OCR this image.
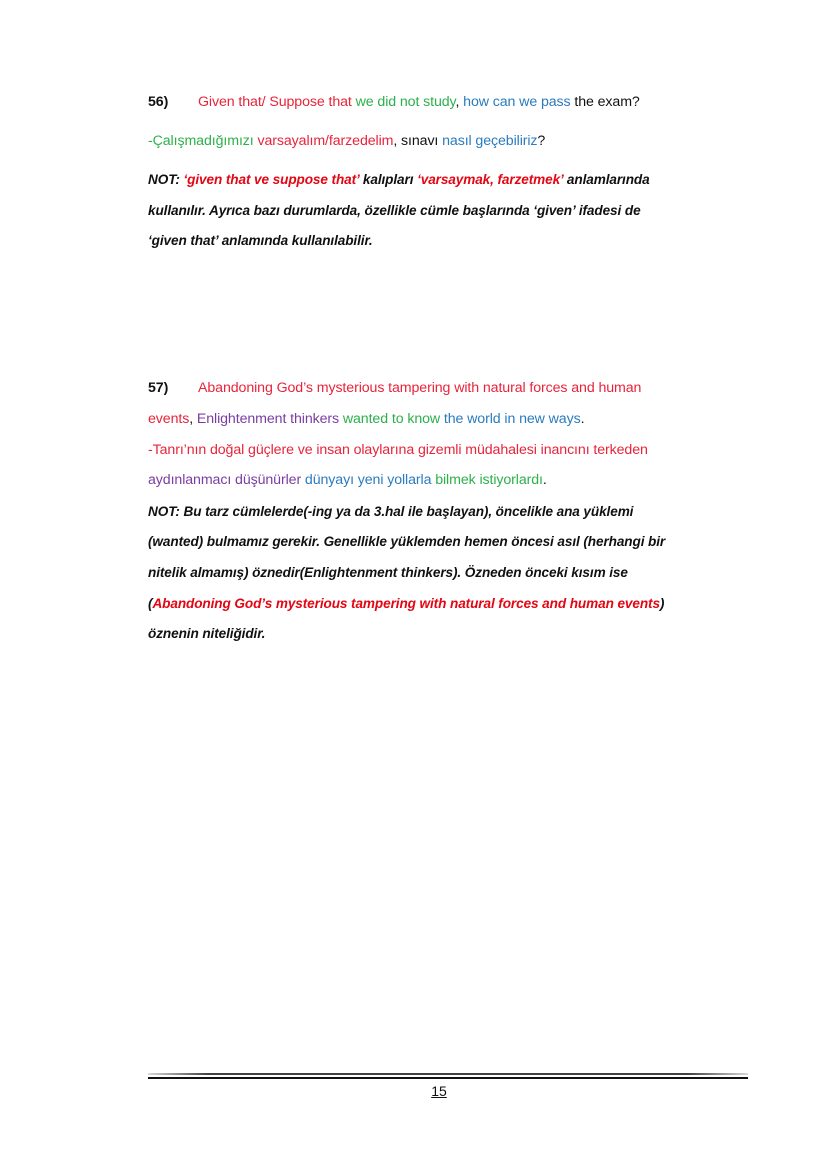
56) Given that/ Suppose that we did not study, how can we pass the exam?
-Çalışmadığımızı varsayalım/farzedelim, sınavı nasıl geçebiliriz?
NOT: ‘given that ve suppose that’ kalıpları ‘varsaymak, farzetmek’ anlamlarında
kullanılır. Ayrıca bazı durumlarda, özellikle cümle başlarında ‘given’ ifadesi de
‘given that’ anlamında kullanılabilir.
57) Abandoning God’s mysterious tampering with natural forces and human
events, Enlightenment thinkers wanted to know the world in new ways.
-Tanrı’nın doğal güçlere ve insan olaylarına gizemli müdahalesi inancını terkeden
aydınlanmacı düşünürler dünyayı yeni yollarla bilmek istiyorlardı.
NOT: Bu tarz cümlelerde(-ing ya da 3.hal ile başlayan), öncelikle ana yüklemi
(wanted) bulmamız gerekir. Genellikle yüklemden hemen öncesi asıl (herhangi bir
nitelik almamış) öznedir(Enlightenment thinkers). Özneden önceki kısım ise
(Abandoning God’s mysterious tampering with natural forces and human events)
öznenin niteliğidir.
15
